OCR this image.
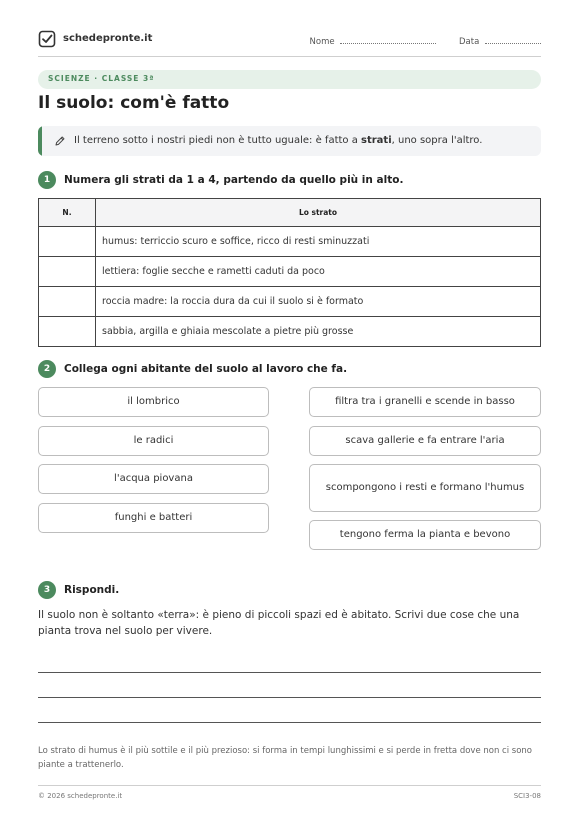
schedepronte.it	Nome	Data
SCIENZE · CLASSE 3ª
Il suolo: com'è fatto
Il terreno sotto i nostri piedi non è tutto uguale: è fatto a strati, uno sopra l'altro.
1	Numera gli strati da 1 a 4, partendo da quello più in alto.
N.	Lo strato
	humus: terriccio scuro e soffice, ricco di resti sminuzzati
	lettiera: foglie secche e rametti caduti da poco
	roccia madre: la roccia dura da cui il suolo si è formato
	sabbia, argilla e ghiaia mescolate a pietre più grosse
2	Collega ogni abitante del suolo al lavoro che fa.
il lombrico
le radici
l'acqua piovana
funghi e batteri
filtra tra i granelli e scende in basso
scava gallerie e fa entrare l'aria
scompongono i resti e formano l'humus
tengono ferma la pianta e bevono
3	Rispondi.
Il suolo non è soltanto «terra»: è pieno di piccoli spazi ed è abitato. Scrivi due cose che una pianta trova nel suolo per vivere.
Lo strato di humus è il più sottile e il più prezioso: si forma in tempi lunghissimi e si perde in fretta dove non ci sono piante a trattenerlo.
© 2026 schedepronte.it	SCI3-08
